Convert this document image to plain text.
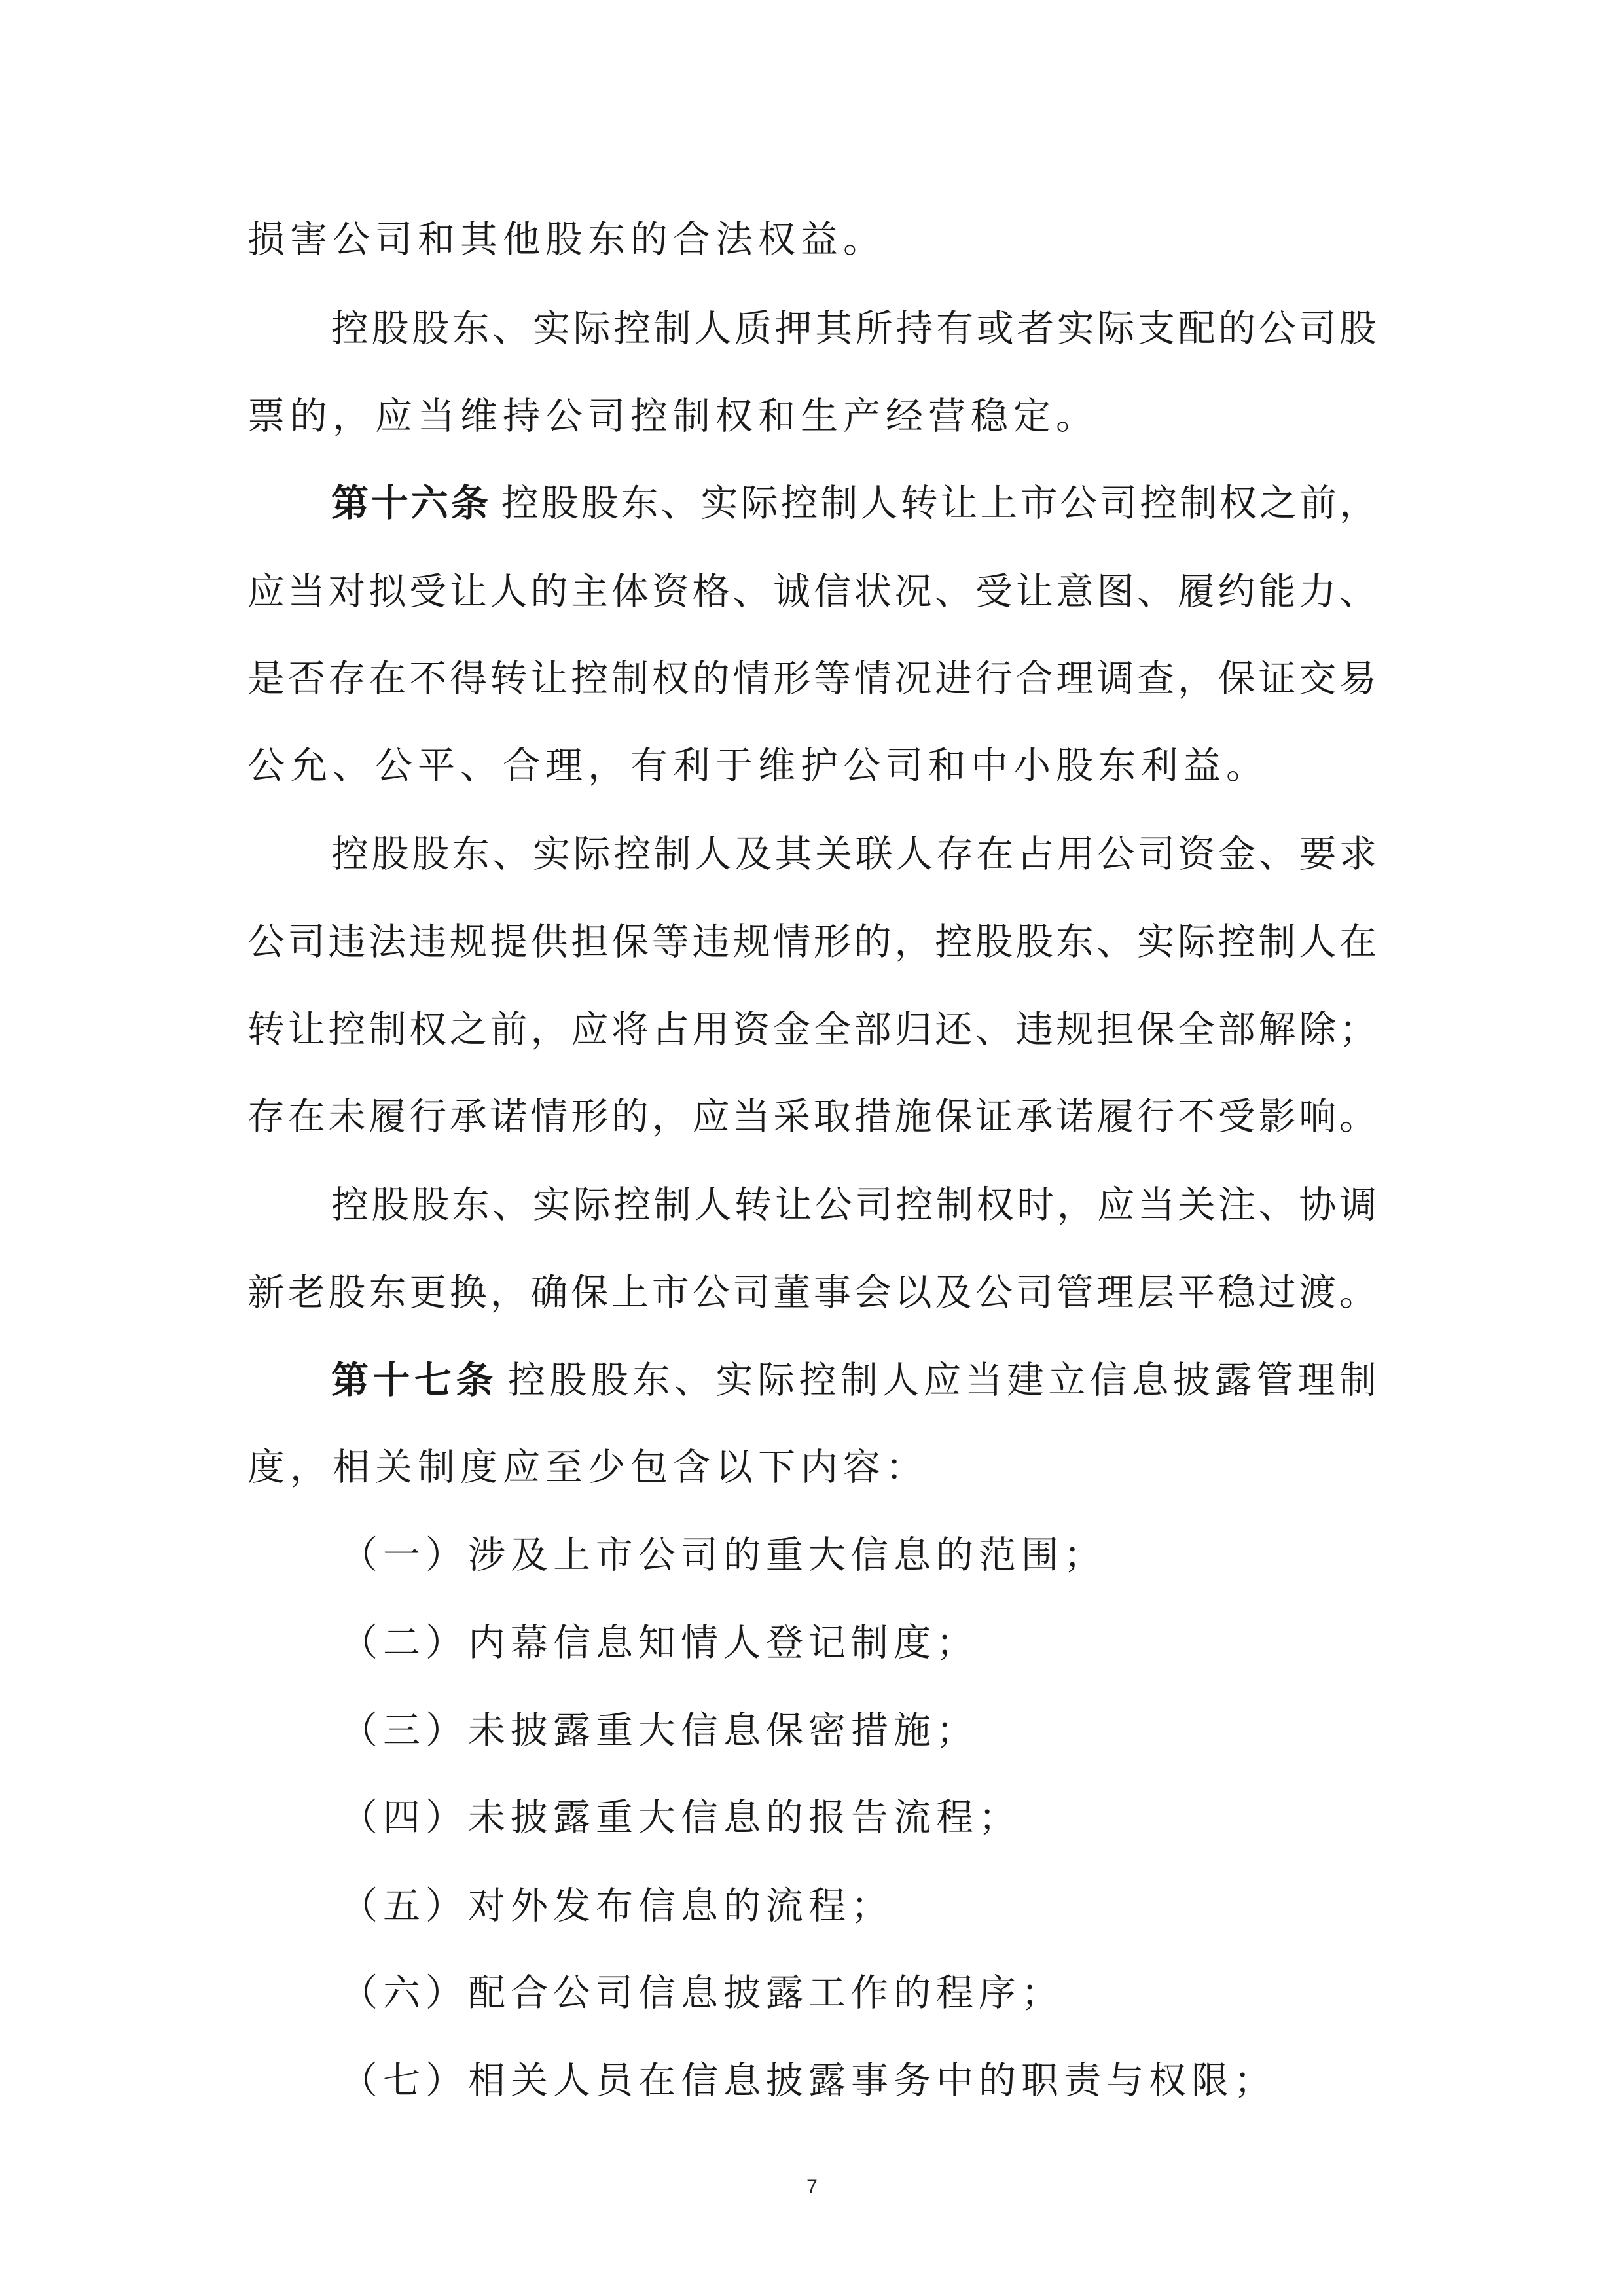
损害公司和其他股东的合法权益。
控股股东、实际控制人质押其所持有或者实际支配的公司股
票的，应当维持公司控制权和生产经营稳定。
第十六条 控股股东、实际控制人转让上市公司控制权之前，
应当对拟受让人的主体资格、诚信状况、受让意图、履约能力、
是否存在不得转让控制权的情形等情况进行合理调查，保证交易
公允、公平、合理，有利于维护公司和中小股东利益。
控股股东、实际控制人及其关联人存在占用公司资金、要求
公司违法违规提供担保等违规情形的，控股股东、实际控制人在
转让控制权之前，应将占用资金全部归还、违规担保全部解除；
存在未履行承诺情形的，应当采取措施保证承诺履行不受影响。
控股股东、实际控制人转让公司控制权时，应当关注、协调
新老股东更换，确保上市公司董事会以及公司管理层平稳过渡。
第十七条 控股股东、实际控制人应当建立信息披露管理制
度，相关制度应至少包含以下内容：
（一）涉及上市公司的重大信息的范围；
（二）内幕信息知情人登记制度；
（三）未披露重大信息保密措施；
（四）未披露重大信息的报告流程；
（五）对外发布信息的流程；
（六）配合公司信息披露工作的程序；
（七）相关人员在信息披露事务中的职责与权限；
7
